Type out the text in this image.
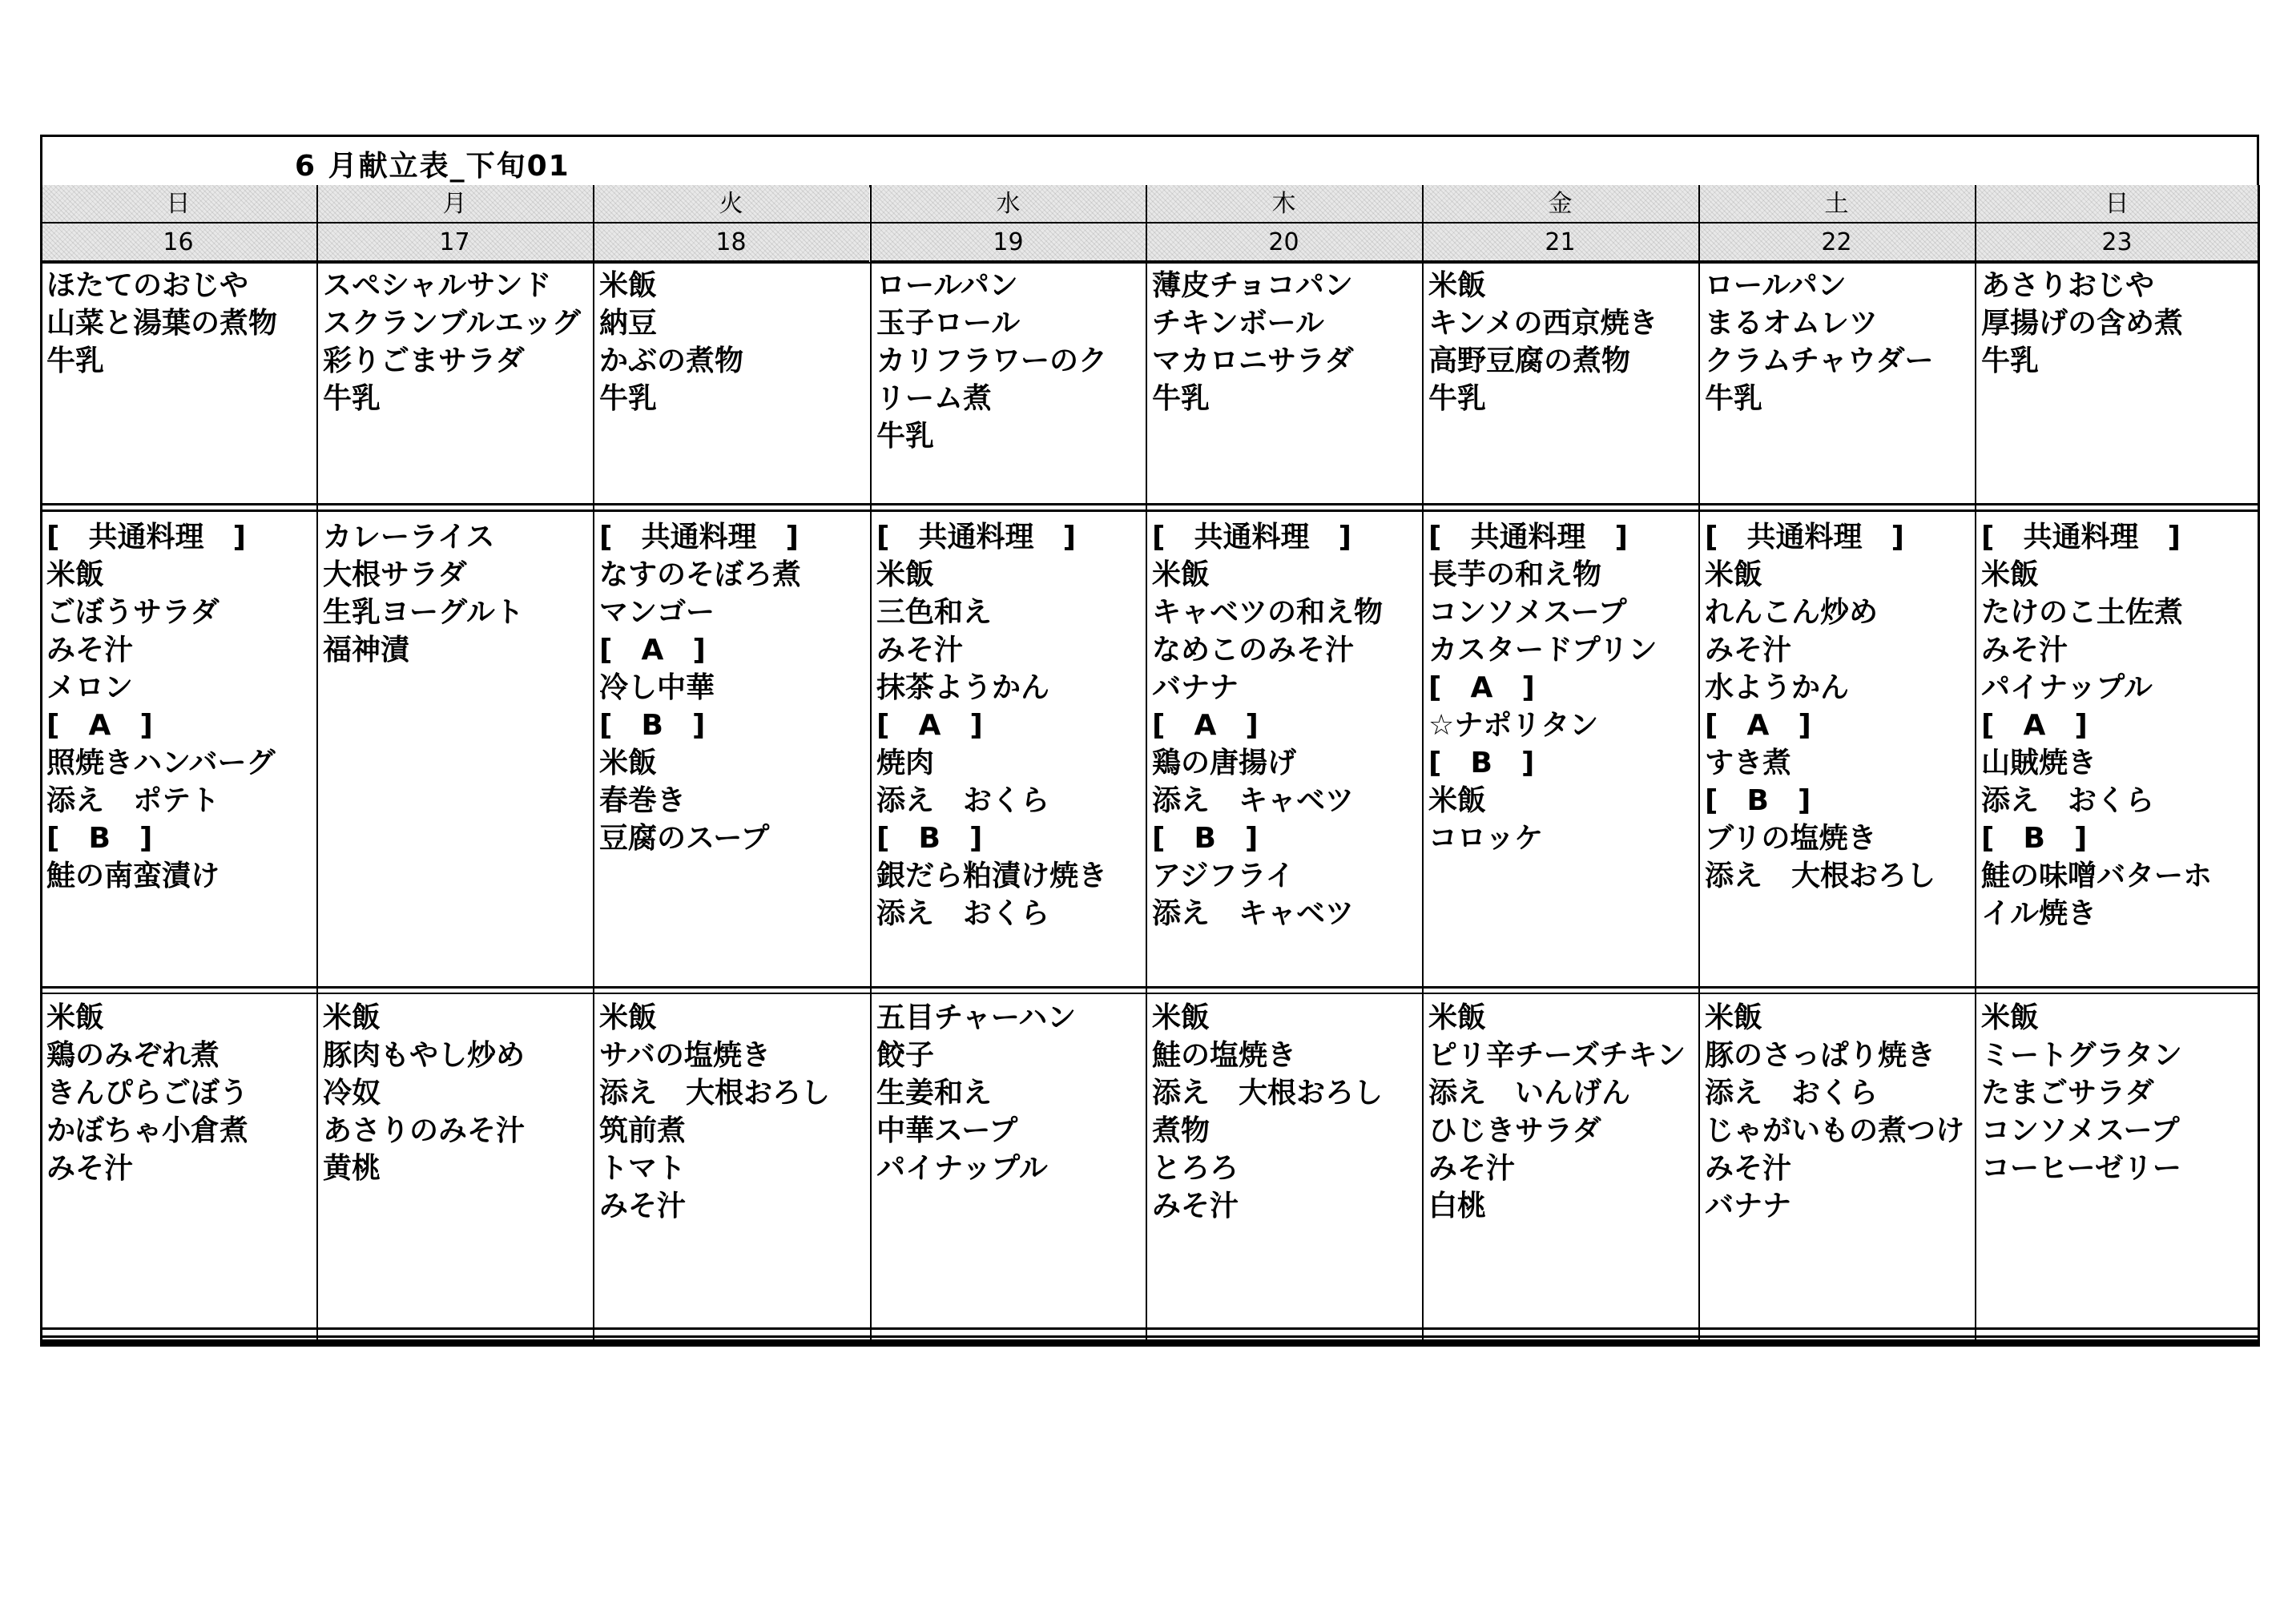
6 月献立表_下旬01
日
16
ほたてのおじや
山菜と湯葉の煮物
牛乳
[　共通料理　]
米飯
ごぼうサラダ
みそ汁
メロン
[　A　]
照焼きハンバーグ
添え　ポテト
[　B　]
鮭の南蛮漬け
米飯
鶏のみぞれ煮
きんぴらごぼう
かぼちゃ小倉煮
みそ汁
月
17
スペシャルサンド
スクランブルエッグ
彩りごまサラダ
牛乳
カレーライス
大根サラダ
生乳ヨーグルト
福神漬
米飯
豚肉もやし炒め
冷奴
あさりのみそ汁
黄桃
火
18
米飯
納豆
かぶの煮物
牛乳
[　共通料理　]
なすのそぼろ煮
マンゴー
[　A　]
冷し中華
[　B　]
米飯
春巻き
豆腐のスープ
米飯
サバの塩焼き
添え　大根おろし
筑前煮
トマト
みそ汁
水
19
ロールパン
玉子ロール
カリフラワーのク
リーム煮
牛乳
[　共通料理　]
米飯
三色和え
みそ汁
抹茶ようかん
[　A　]
焼肉
添え　おくら
[　B　]
銀だら粕漬け焼き
添え　おくら
五目チャーハン
餃子
生姜和え
中華スープ
パイナップル
木
20
薄皮チョコパン
チキンボール
マカロニサラダ
牛乳
[　共通料理　]
米飯
キャベツの和え物
なめこのみそ汁
バナナ
[　A　]
鶏の唐揚げ
添え　キャベツ
[　B　]
アジフライ
添え　キャベツ
米飯
鮭の塩焼き
添え　大根おろし
煮物
とろろ
みそ汁
金
21
米飯
キンメの西京焼き
高野豆腐の煮物
牛乳
[　共通料理　]
長芋の和え物
コンソメスープ
カスタードプリン
[　A　]
☆ナポリタン
[　B　]
米飯
コロッケ
米飯
ピリ辛チーズチキン
添え　いんげん
ひじきサラダ
みそ汁
白桃
土
22
ロールパン
まるオムレツ
クラムチャウダー
牛乳
[　共通料理　]
米飯
れんこん炒め
みそ汁
水ようかん
[　A　]
すき煮
[　B　]
ブリの塩焼き
添え　大根おろし
米飯
豚のさっぱり焼き
添え　おくら
じゃがいもの煮つけ
みそ汁
バナナ
日
23
あさりおじや
厚揚げの含め煮
牛乳
[　共通料理　]
米飯
たけのこ土佐煮
みそ汁
パイナップル
[　A　]
山賊焼き
添え　おくら
[　B　]
鮭の味噌バターホ
イル焼き
米飯
ミートグラタン
たまごサラダ
コンソメスープ
コーヒーゼリー
